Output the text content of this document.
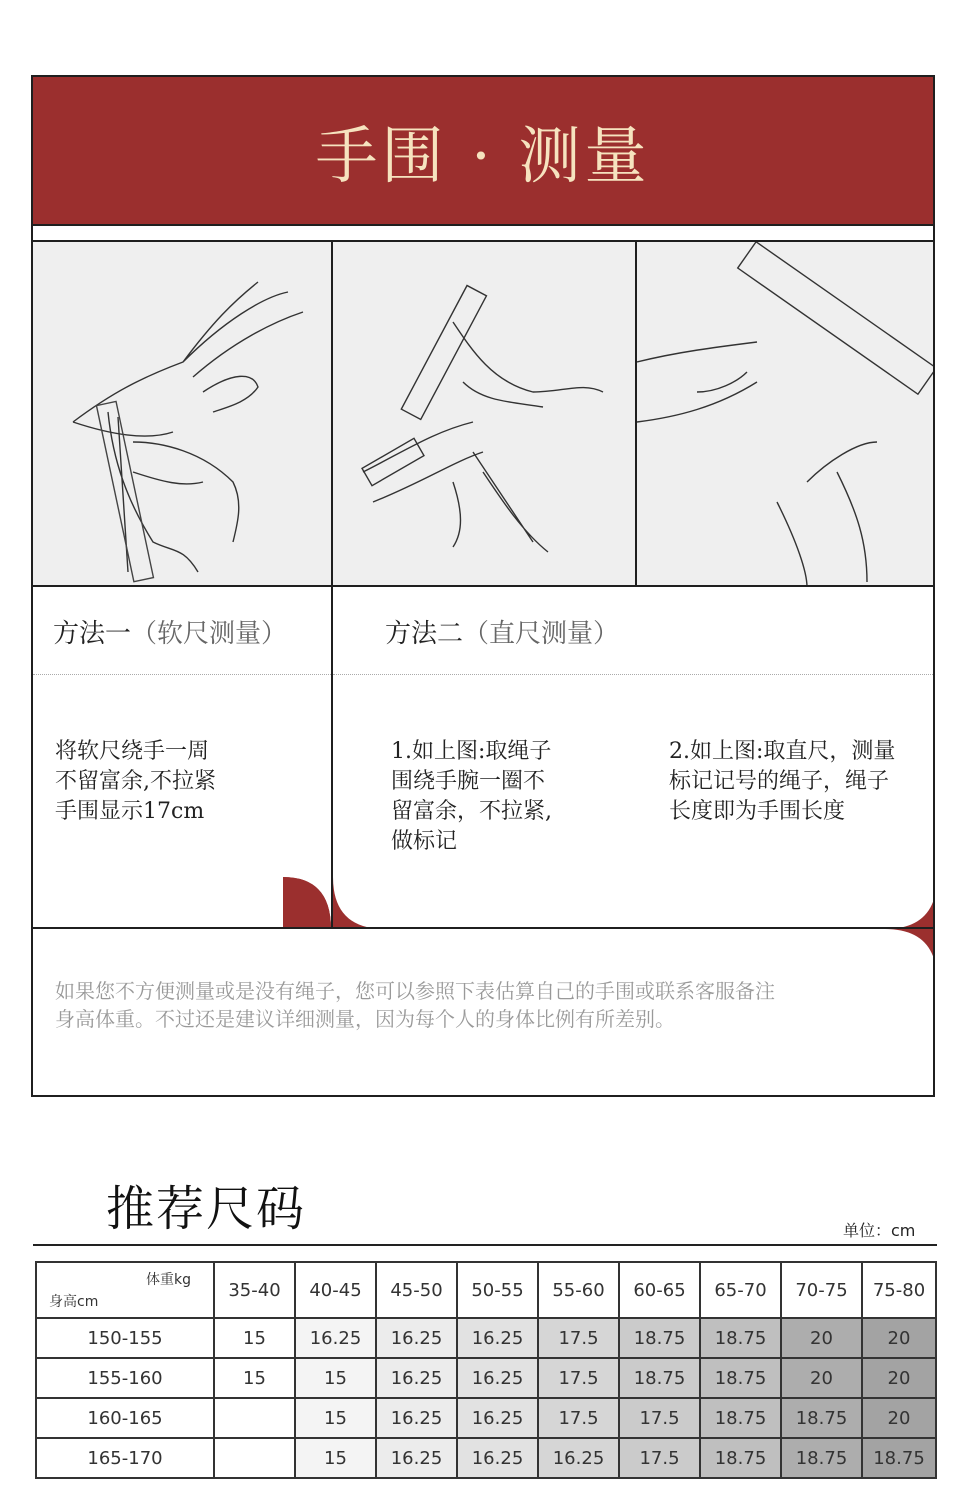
手围 · 测量
方法一（软尺测量）	方法二（直尺测量）
将软尺绕手一周
不留富余,不拉紧
手围显示17cm
1.如上图:取绳子
围绕手腕一圈不
留富余，不拉紧,
做标记
2.如上图:取直尺，测量
标记记号的绳子，绳子
长度即为手围长度
如果您不方便测量或是没有绳子，您可以参照下表估算自己的手围或联系客服备注
身高体重。不过还是建议详细测量，因为每个人的身体比例有所差别。
推荐尺码	单位：cm
体重kg
身高cm	35-40	40-45	45-50	50-55	55-60	60-65	65-70	70-75	75-80
150-155	15	16.25	16.25	16.25	17.5	18.75	18.75	20	20
155-160	15	15	16.25	16.25	17.5	18.75	18.75	20	20
160-165		15	16.25	16.25	17.5	17.5	18.75	18.75	20
165-170		15	16.25	16.25	16.25	17.5	18.75	18.75	18.75
